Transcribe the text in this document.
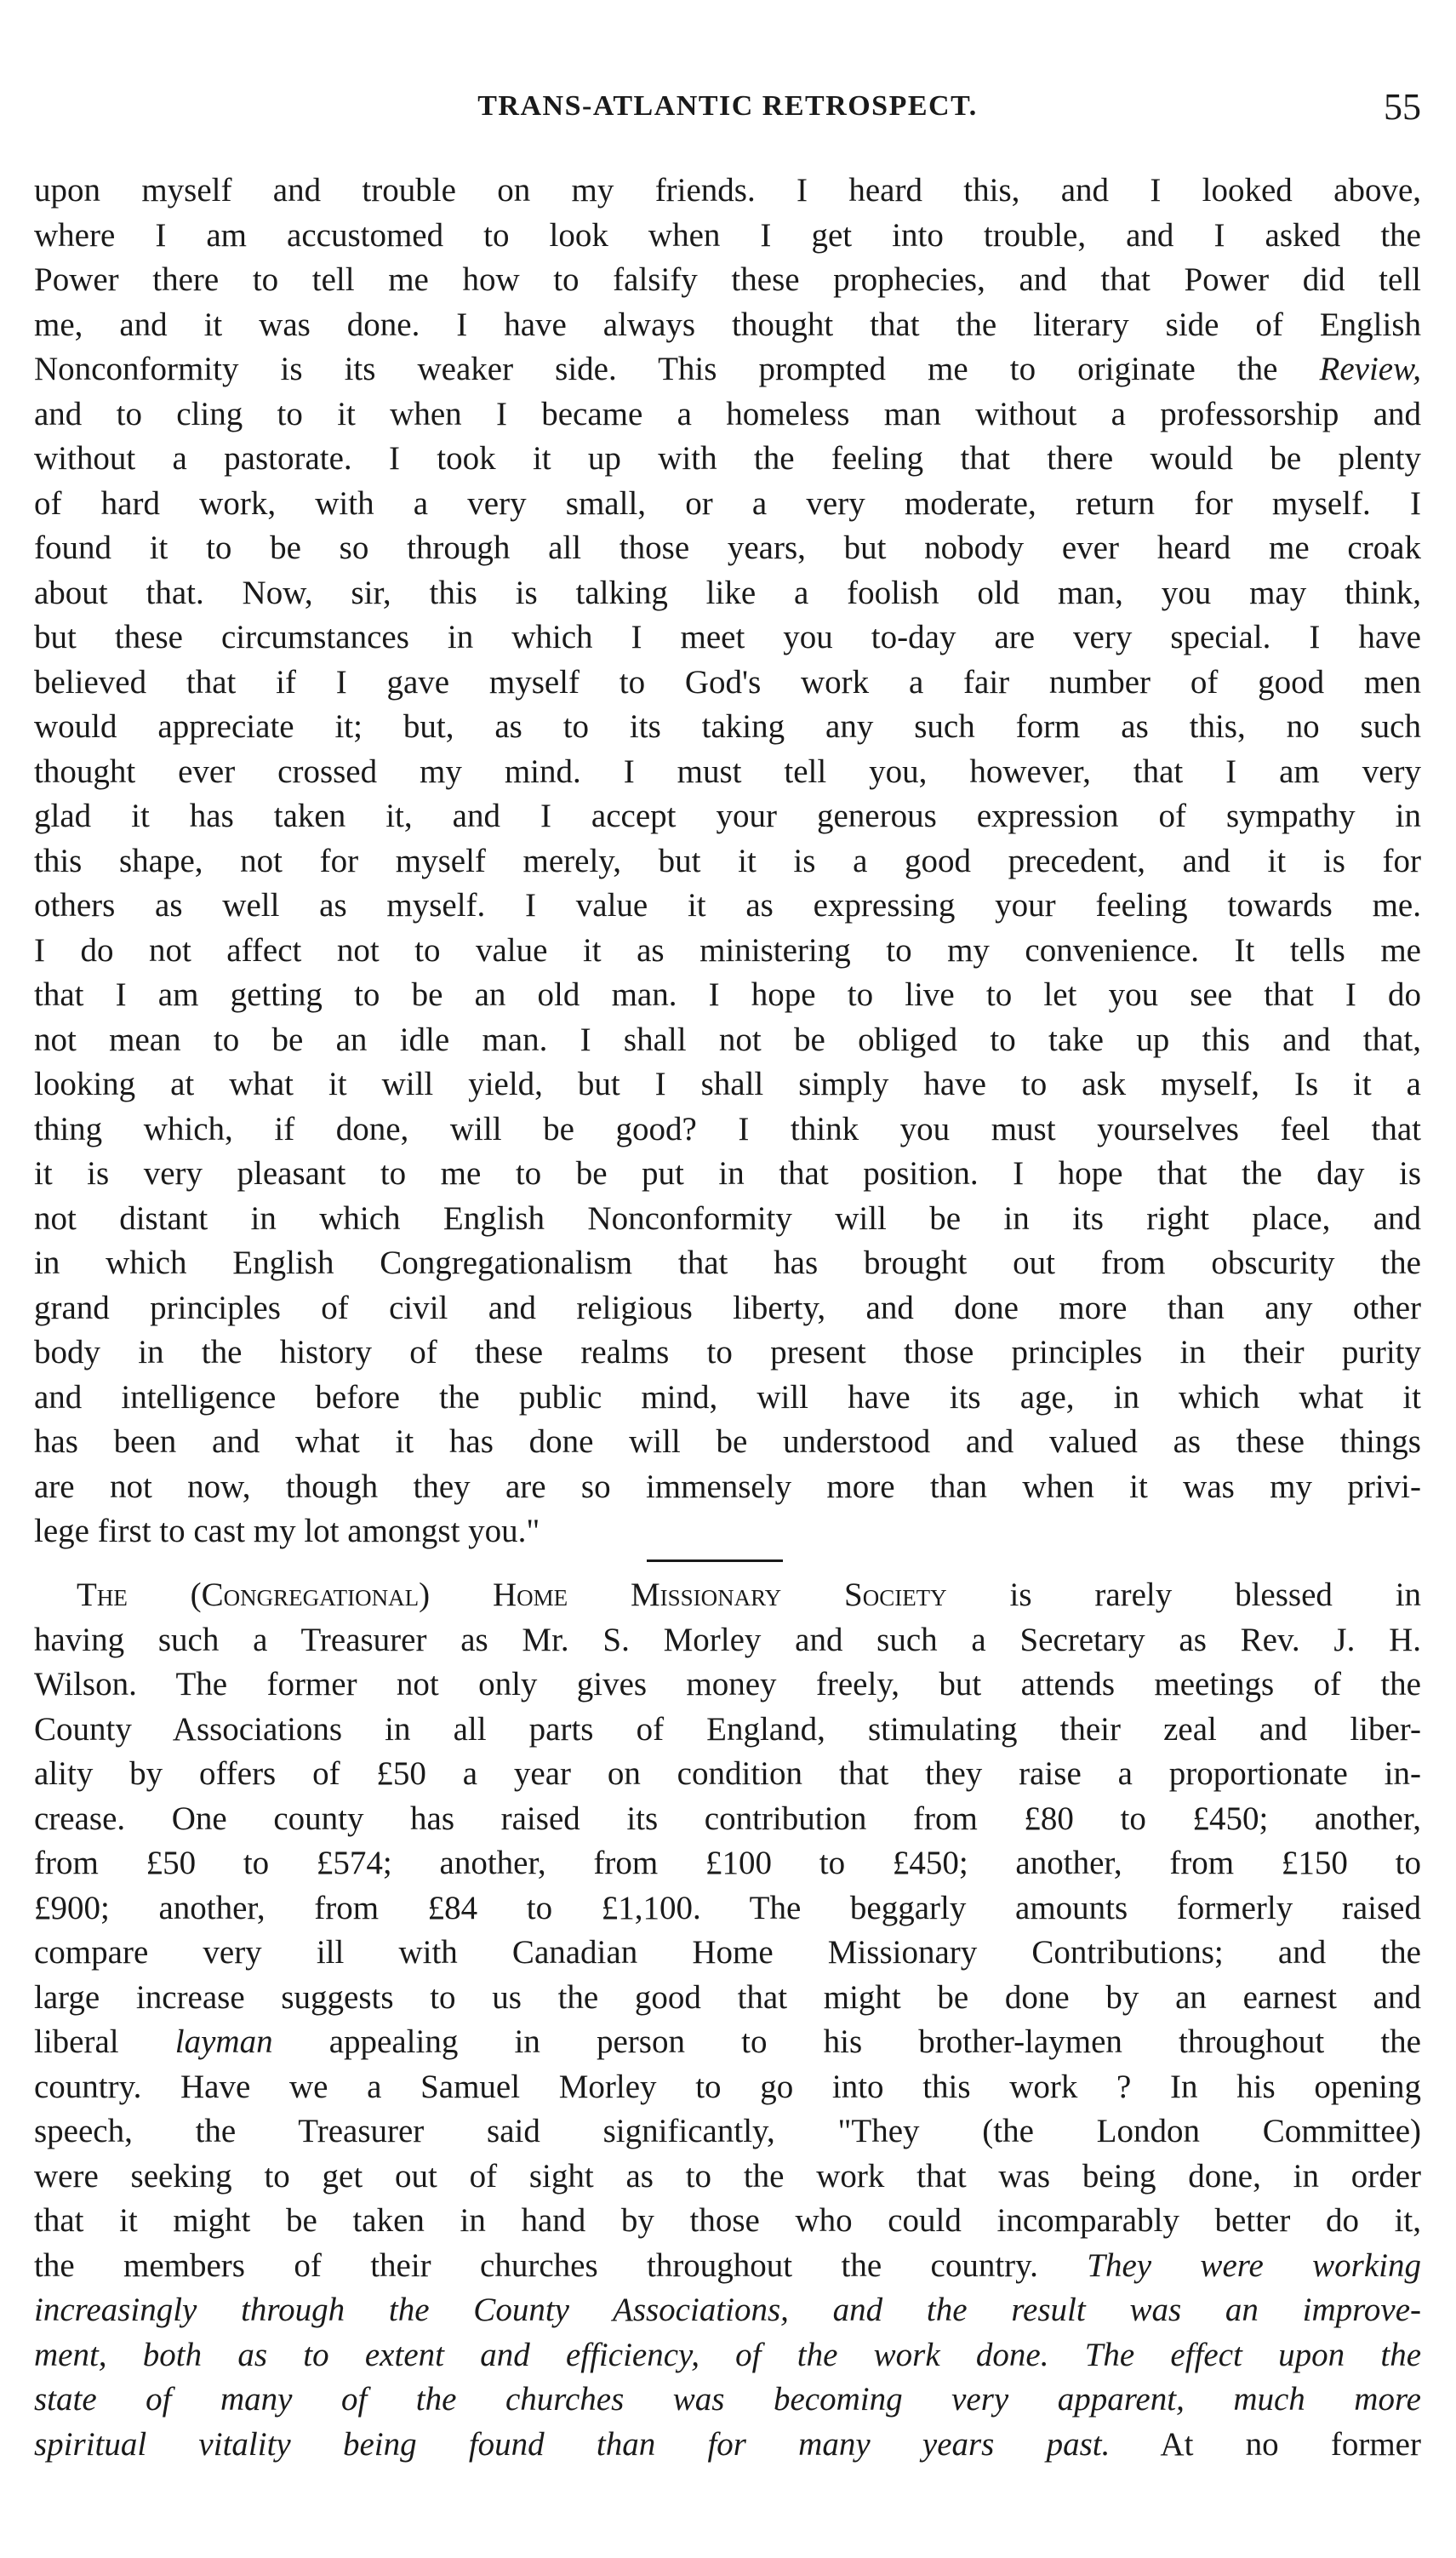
TRANS-ATLANTIC RETROSPECT.	55
upon myself and trouble on my friends. I heard this, and I looked above,
where I am accustomed to look when I get into trouble, and I asked the
Power there to tell me how to falsify these prophecies, and that Power did tell
me, and it was done. I have always thought that the literary side of English
Nonconformity is its weaker side. This prompted me to originate the Review,
and to cling to it when I became a homeless man without a professorship and
without a pastorate. I took it up with the feeling that there would be plenty
of hard work, with a very small, or a very moderate, return for myself. I
found it to be so through all those years, but nobody ever heard me croak
about that. Now, sir, this is talking like a foolish old man, you may think,
but these circumstances in which I meet you to-day are very special. I have
believed that if I gave myself to God's work a fair number of good men
would appreciate it; but, as to its taking any such form as this, no such
thought ever crossed my mind. I must tell you, however, that I am very
glad it has taken it, and I accept your generous expression of sympathy in
this shape, not for myself merely, but it is a good precedent, and it is for
others as well as myself. I value it as expressing your feeling towards me.
I do not affect not to value it as ministering to my convenience. It tells me
that I am getting to be an old man. I hope to live to let you see that I do
not mean to be an idle man. I shall not be obliged to take up this and that,
looking at what it will yield, but I shall simply have to ask myself, Is it a
thing which, if done, will be good? I think you must yourselves feel that
it is very pleasant to me to be put in that position. I hope that the day is
not distant in which English Nonconformity will be in its right place, and
in which English Congregationalism that has brought out from obscurity the
grand principles of civil and religious liberty, and done more than any other
body in the history of these realms to present those principles in their purity
and intelligence before the public mind, will have its age, in which what it
has been and what it has done will be understood and valued as these things
are not now, though they are so immensely more than when it was my privi-
lege first to cast my lot amongst you."
The (Congregational) Home Missionary Society is rarely blessed in
having such a Treasurer as Mr. S. Morley and such a Secretary as Rev. J. H.
Wilson. The former not only gives money freely, but attends meetings of the
County Associations in all parts of England, stimulating their zeal and liber-
ality by offers of £50 a year on condition that they raise a proportionate in-
crease. One county has raised its contribution from £80 to £450; another,
from £50 to £574; another, from £100 to £450; another, from £150 to
£900; another, from £84 to £1,100. The beggarly amounts formerly raised
compare very ill with Canadian Home Missionary Contributions; and the
large increase suggests to us the good that might be done by an earnest and
liberal layman appealing in person to his brother-laymen throughout the
country. Have we a Samuel Morley to go into this work ? In his opening
speech, the Treasurer said significantly, "They (the London Committee)
were seeking to get out of sight as to the work that was being done, in order
that it might be taken in hand by those who could incomparably better do it,
the members of their churches throughout the country. They were working
increasingly through the County Associations, and the result was an improve-
ment, both as to extent and efficiency, of the work done. The effect upon the
state of many of the churches was becoming very apparent, much more
spiritual vitality being found than for many years past. At no former
